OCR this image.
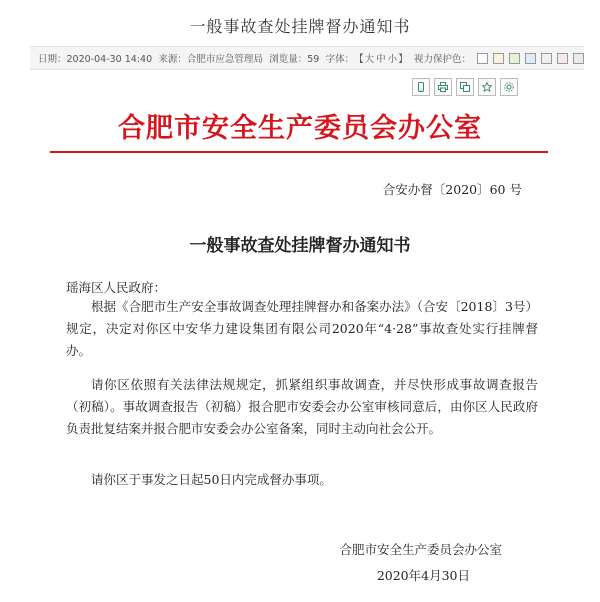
一般事故查处挂牌督办通知书
日期：2020-04-30 14:40 来源：合肥市应急管理局 浏览量：59 字体： 【 大 中 小 】 视力保护色：
合肥市安全生产委员会办公室
合安办督〔2020〕60 号
一般事故查处挂牌督办通知书
瑶海区人民政府：
根据《合肥市生产安全事故调查处理挂牌督办和备案办法》（合安〔2018〕3号）规定，决定对你区中安华力建设集团有限公司2020年“4·28”事故查处实行挂牌督办。
请你区依照有关法律法规规定，抓紧组织事故调查，并尽快形成事故调查报告（初稿）。事故调查报告（初稿）报合肥市安委会办公室审核同意后，由你区人民政府负责批复结案并报合肥市安委会办公室备案，同时主动向社会公开。
请你区于事发之日起50日内完成督办事项。
合肥市安全生产委员会办公室
2020年4月30日
